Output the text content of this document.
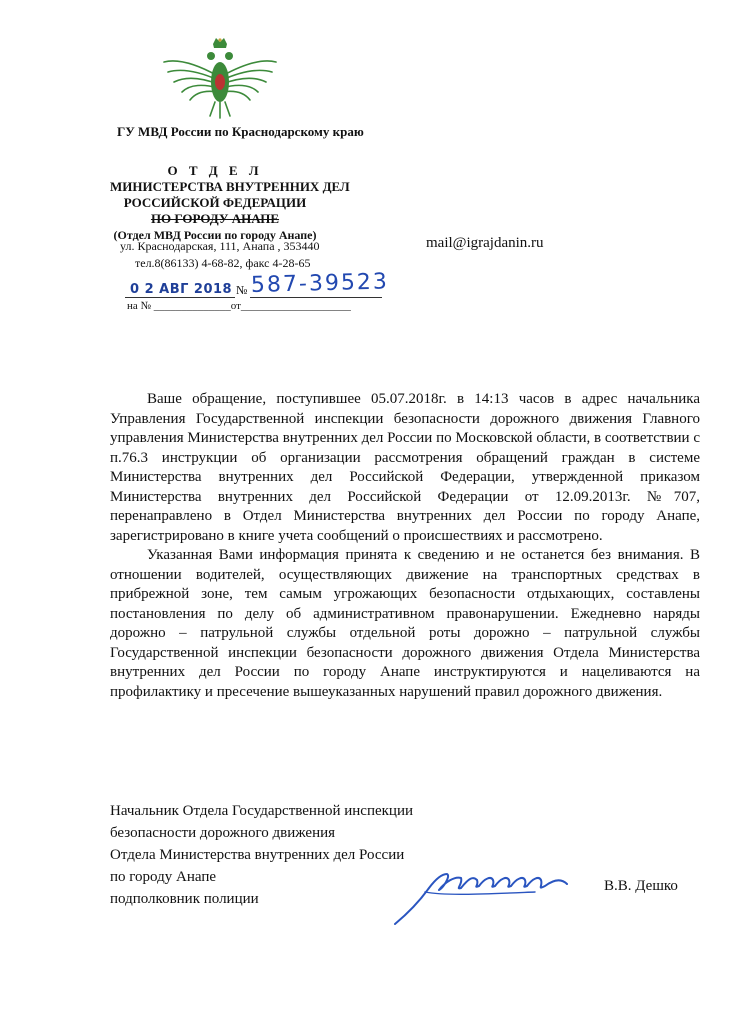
ГУ МВД России по Краснодарскому краю
О Т Д Е Л
МИНИСТЕРСТВА ВНУТРЕННИХ ДЕЛ
РОССИЙСКОЙ ФЕДЕРАЦИИ
ПО ГОРОДУ АНАПЕ
(Отдел МВД России по городу Анапе)
ул. Краснодарская, 111, Анапа , 353440
тел.8(86133) 4-68-82, факс 4-28-65
mail@igrajdanin.ru
0 2 АВГ 2018 № 587-39523
на № ______________от____________________

Ваше обращение, поступившее 05.07.2018г. в 14:13 часов в адрес начальника Управления Государственной инспекции безопасности дорожного движения Главного управления Министерства внутренних дел России по Московской области, в соответствии с п.76.3 инструкции об организации рассмотрения обращений граждан в системе Министерства внутренних дел Российской Федерации, утвержденной приказом Министерства внутренних дел Российской Федерации от 12.09.2013г. №707, перенаправлено в Отдел Министерства внутренних дел России по городу Анапе, зарегистрировано в книге учета сообщений о происшествиях и рассмотрено.

Указанная Вами информация принята к сведению и не останется без внимания. В отношении водителей, осуществляющих движение на транспортных средствах в прибрежной зоне, тем самым угрожающих безопасности отдыхающих, составлены постановления по делу об административном правонарушении. Ежедневно наряды дорожно – патрульной службы отдельной роты дорожно – патрульной службы Государственной инспекции безопасности дорожного движения Отдела Министерства внутренних дел России по городу Анапе инструктируются и нацеливаются на профилактику и пресечение вышеуказанных нарушений правил дорожного движения.

Начальник Отдела Государственной инспекции
безопасности дорожного движения
Отдела Министерства внутренних дел России
по городу Анапе
подполковник полиции
В.В. Дешко
